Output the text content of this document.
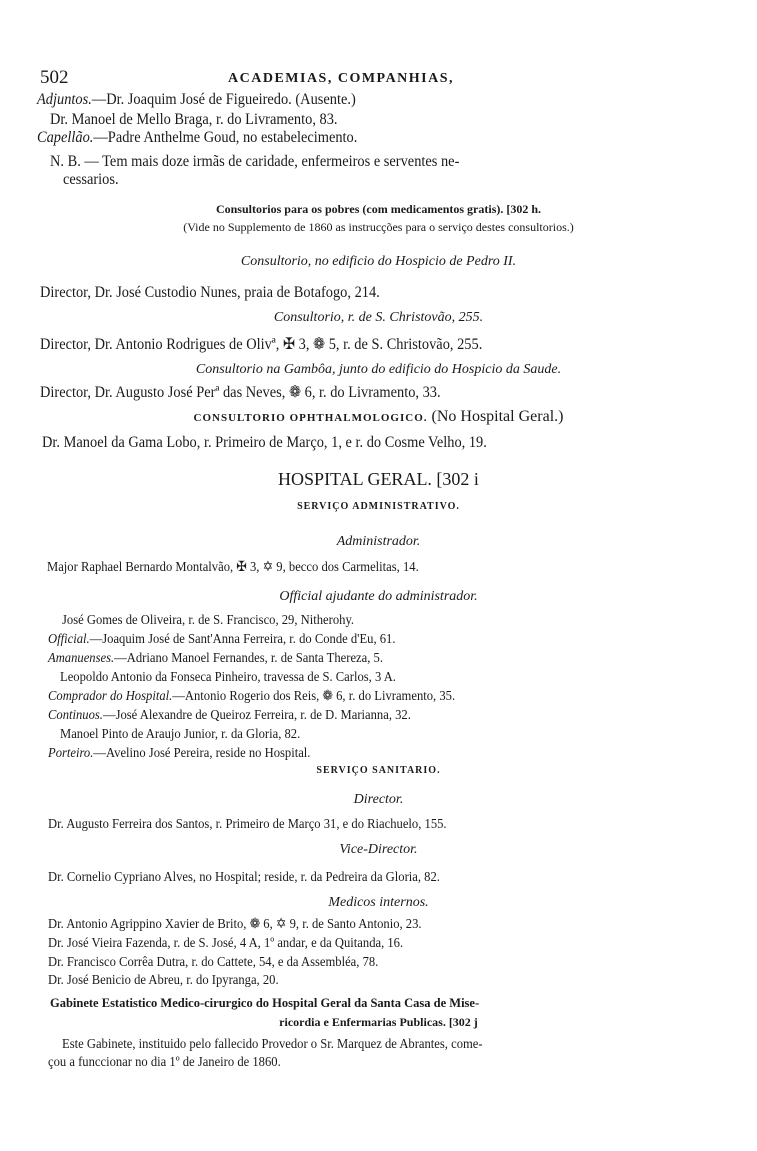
502	ACADEMIAS, COMPANHIAS,
Adjuntos.—Dr. Joaquim José de Figueiredo. (Ausente.)
Dr. Manoel de Mello Braga, r. do Livramento, 83.
Capellão.—Padre Anthelme Goud, no estabelecimento.
N. B. — Tem mais doze irmãs de caridade, enfermeiros e serventes ne-
cessarios.
Consultorios para os pobres (com medicamentos gratis). [302 h.
(Vide no Supplemento de 1860 as instrucções para o serviço destes consultorios.)
Consultorio, no edificio do Hospicio de Pedro II.
Director, Dr. José Custodio Nunes, praia de Botafogo, 214.
Consultorio, r. de S. Christovão, 255.
Director, Dr. Antonio Rodrigues de Olivª, ✠ 3, ❁ 5, r. de S. Christovão, 255.
Consultorio na Gambôa, junto do edificio do Hospicio da Saude.
Director, Dr. Augusto José Perª das Neves, ❁ 6, r. do Livramento, 33.
CONSULTORIO OPHTHALMOLOGICO. (No Hospital Geral.)
Dr. Manoel da Gama Lobo, r. Primeiro de Março, 1, e r. do Cosme Velho, 19.
HOSPITAL GERAL. [302 i
SERVIÇO ADMINISTRATIVO.
Administrador.
Major Raphael Bernardo Montalvão, ✠ 3, ✡ 9, becco dos Carmelitas, 14.
Official ajudante do administrador.
José Gomes de Oliveira, r. de S. Francisco, 29, Nitherohy.
Official.—Joaquim José de Sant'Anna Ferreira, r. do Conde d'Eu, 61.
Amanuenses.—Adriano Manoel Fernandes, r. de Santa Thereza, 5.
Leopoldo Antonio da Fonseca Pinheiro, travessa de S. Carlos, 3 A.
Comprador do Hospital.—Antonio Rogerio dos Reis, ❁ 6, r. do Livramento, 35.
Continuos.—José Alexandre de Queiroz Ferreira, r. de D. Marianna, 32.
Manoel Pinto de Araujo Junior, r. da Gloria, 82.
Porteiro.—Avelino José Pereira, reside no Hospital.
SERVIÇO SANITARIO.
Director.
Dr. Augusto Ferreira dos Santos, r. Primeiro de Março 31, e do Riachuelo, 155.
Vice-Director.
Dr. Cornelio Cypriano Alves, no Hospital; reside, r. da Pedreira da Gloria, 82.
Medicos internos.
Dr. Antonio Agrippino Xavier de Brito, ❁ 6, ✡ 9, r. de Santo Antonio, 23.
Dr. José Vieira Fazenda, r. de S. José, 4 A, 1º andar, e da Quitanda, 16.
Dr. Francisco Corrêa Dutra, r. do Cattete, 54, e da Assembléa, 78.
Dr. José Benicio de Abreu, r. do Ipyranga, 20.
Gabinete Estatistico Medico-cirurgico do Hospital Geral da Santa Casa de Mise-
ricordia e Enfermarias Publicas. [302 j
Este Gabinete, instituido pelo fallecido Provedor o Sr. Marquez de Abrantes, come-
çou a funccionar no dia 1º de Janeiro de 1860.
